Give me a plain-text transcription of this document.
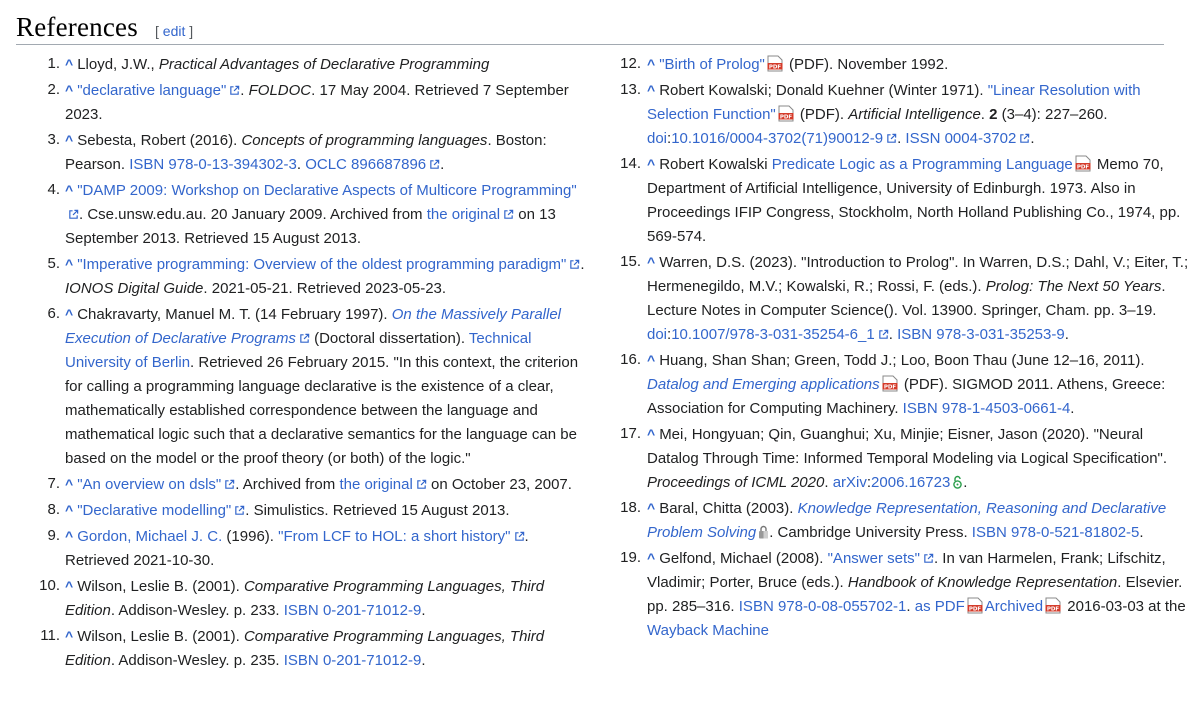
References [ edit ]
1. ^ Lloyd, J.W., Practical Advantages of Declarative Programming
2. ^ "declarative language" . FOLDOC. 17 May 2004. Retrieved 7 September 2023.
3. ^ Sebesta, Robert (2016). Concepts of programming languages. Boston: Pearson. ISBN 978-0-13-394302-3. OCLC 896687896 .
4. ^ "DAMP 2009: Workshop on Declarative Aspects of Multicore Programming". Cse.unsw.edu.au. 20 January 2009. Archived from the original on 13 September 2013. Retrieved 15 August 2013.
5. ^ "Imperative programming: Overview of the oldest programming paradigm" . IONOS Digital Guide. 2021-05-21. Retrieved 2023-05-23.
6. ^ Chakravarty, Manuel M. T. (14 February 1997). On the Massively Parallel Execution of Declarative Programs (Doctoral dissertation). Technical University of Berlin. Retrieved 26 February 2015. "In this context, the criterion for calling a programming language declarative is the existence of a clear, mathematically established correspondence between the language and mathematical logic such that a declarative semantics for the language can be based on the model or the proof theory (or both) of the logic."
7. ^ "An overview on dsls" . Archived from the original on October 23, 2007.
8. ^ "Declarative modelling" . Simulistics. Retrieved 15 August 2013.
9. ^ Gordon, Michael J. C. (1996). "From LCF to HOL: a short history" . Retrieved 2021-10-30.
10. ^ Wilson, Leslie B. (2001). Comparative Programming Languages, Third Edition. Addison-Wesley. p. 233. ISBN 0-201-71012-9.
11. ^ Wilson, Leslie B. (2001). Comparative Programming Languages, Third Edition. Addison-Wesley. p. 235. ISBN 0-201-71012-9.
12. ^ "Birth of Prolog" PDF (PDF). November 1992.
13. ^ Robert Kowalski; Donald Kuehner (Winter 1971). "Linear Resolution with Selection Function" PDF (PDF). Artificial Intelligence. 2 (3–4): 227–260. doi:10.1016/0004-3702(71)90012-9 . ISSN 0004-3702 .
14. ^ Robert Kowalski Predicate Logic as a Programming Language PDF Memo 70, Department of Artificial Intelligence, University of Edinburgh. 1973. Also in Proceedings IFIP Congress, Stockholm, North Holland Publishing Co., 1974, pp. 569-574.
15. ^ Warren, D.S. (2023). "Introduction to Prolog". In Warren, D.S.; Dahl, V.; Eiter, T.; Hermenegildo, M.V.; Kowalski, R.; Rossi, F. (eds.). Prolog: The Next 50 Years. Lecture Notes in Computer Science(). Vol. 13900. Springer, Cham. pp. 3–19. doi:10.1007/978-3-031-35254-6_1 . ISBN 978-3-031-35253-9.
16. ^ Huang, Shan Shan; Green, Todd J.; Loo, Boon Thau (June 12–16, 2011). Datalog and Emerging applications PDF (PDF). SIGMOD 2011. Athens, Greece: Association for Computing Machinery. ISBN 978-1-4503-0661-4.
17. ^ Mei, Hongyuan; Qin, Guanghui; Xu, Minjie; Eisner, Jason (2020). "Neural Datalog Through Time: Informed Temporal Modeling via Logical Specification". Proceedings of ICML 2020. arXiv:2006.16723 .
18. ^ Baral, Chitta (2003). Knowledge Representation, Reasoning and Declarative Problem Solving . Cambridge University Press. ISBN 978-0-521-81802-5.
19. ^ Gelfond, Michael (2008). "Answer sets" . In van Harmelen, Frank; Lifschitz, Vladimir; Porter, Bruce (eds.). Handbook of Knowledge Representation. Elsevier. pp. 285–316. ISBN 978-0-08-055702-1. as PDF PDF Archived PDF 2016-03-03 at the Wayback Machine
